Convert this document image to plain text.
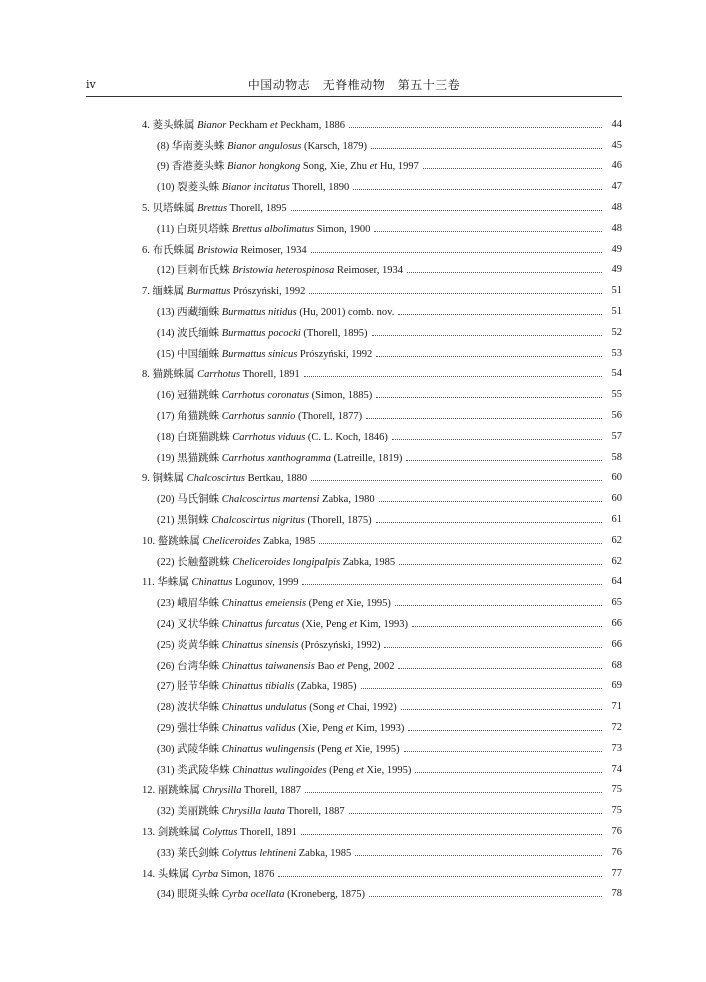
iv	中国动物志　无脊椎动物　第五十三卷
4. 菱头蛛属 Bianor Peckham et Peckham, 1886	44
(8) 华南菱头蛛 Bianor angulosus (Karsch, 1879)	45
(9) 香港菱头蛛 Bianor hongkong Song, Xie, Zhu et Hu, 1997	46
(10) 裂菱头蛛 Bianor incitatus Thorell, 1890	47
5. 贝塔蛛属 Brettus Thorell, 1895	48
(11) 白斑贝塔蛛 Brettus albolimatus Simon, 1900	48
6. 布氏蛛属 Bristowia Reimoser, 1934	49
(12) 巨刺布氏蛛 Bristowia heterospinosa Reimoser, 1934	49
7. 缅蛛属 Burmattus Prószyński, 1992	51
(13) 西藏缅蛛 Burmattus nitidus (Hu, 2001) comb. nov.	51
(14) 波氏缅蛛 Burmattus pococki (Thorell, 1895)	52
(15) 中国缅蛛 Burmattus sinicus Prószyński, 1992	53
8. 猫跳蛛属 Carrhotus Thorell, 1891	54
(16) 冠猫跳蛛 Carrhotus coronatus (Simon, 1885)	55
(17) 角猫跳蛛 Carrhotus sannio (Thorell, 1877)	56
(18) 白斑猫跳蛛 Carrhotus viduus (C. L. Koch, 1846)	57
(19) 黑猫跳蛛 Carrhotus xanthogramma (Latreille, 1819)	58
9. 铜蛛属 Chalcoscirtus Bertkau, 1880	60
(20) 马氏铜蛛 Chalcoscirtus martensi Zabka, 1980	60
(21) 黑铜蛛 Chalcoscirtus nigritus (Thorell, 1875)	61
10. 螯跳蛛属 Cheliceroides Zabka, 1985	62
(22) 长触螯跳蛛 Cheliceroides longipalpis Zabka, 1985	62
11. 华蛛属 Chinattus Logunov, 1999	64
(23) 峨眉华蛛 Chinattus emeiensis (Peng et Xie, 1995)	65
(24) 叉状华蛛 Chinattus furcatus (Xie, Peng et Kim, 1993)	66
(25) 炎黄华蛛 Chinattus sinensis (Prószyński, 1992)	66
(26) 台湾华蛛 Chinattus taiwanensis Bao et Peng, 2002	68
(27) 胫节华蛛 Chinattus tibialis (Zabka, 1985)	69
(28) 波状华蛛 Chinattus undulatus (Song et Chai, 1992)	71
(29) 强壮华蛛 Chinattus validus (Xie, Peng et Kim, 1993)	72
(30) 武陵华蛛 Chinattus wulingensis (Peng et Xie, 1995)	73
(31) 类武陵华蛛 Chinattus wulingoides (Peng et Xie, 1995)	74
12. 丽跳蛛属 Chrysilla Thorell, 1887	75
(32) 美丽跳蛛 Chrysilla lauta Thorell, 1887	75
13. 剑跳蛛属 Colyttus Thorell, 1891	76
(33) 莱氏剑蛛 Colyttus lehtineni Zabka, 1985	76
14. 头蛛属 Cyrba Simon, 1876	77
(34) 眼斑头蛛 Cyrba ocellata (Kroneberg, 1875)	78
